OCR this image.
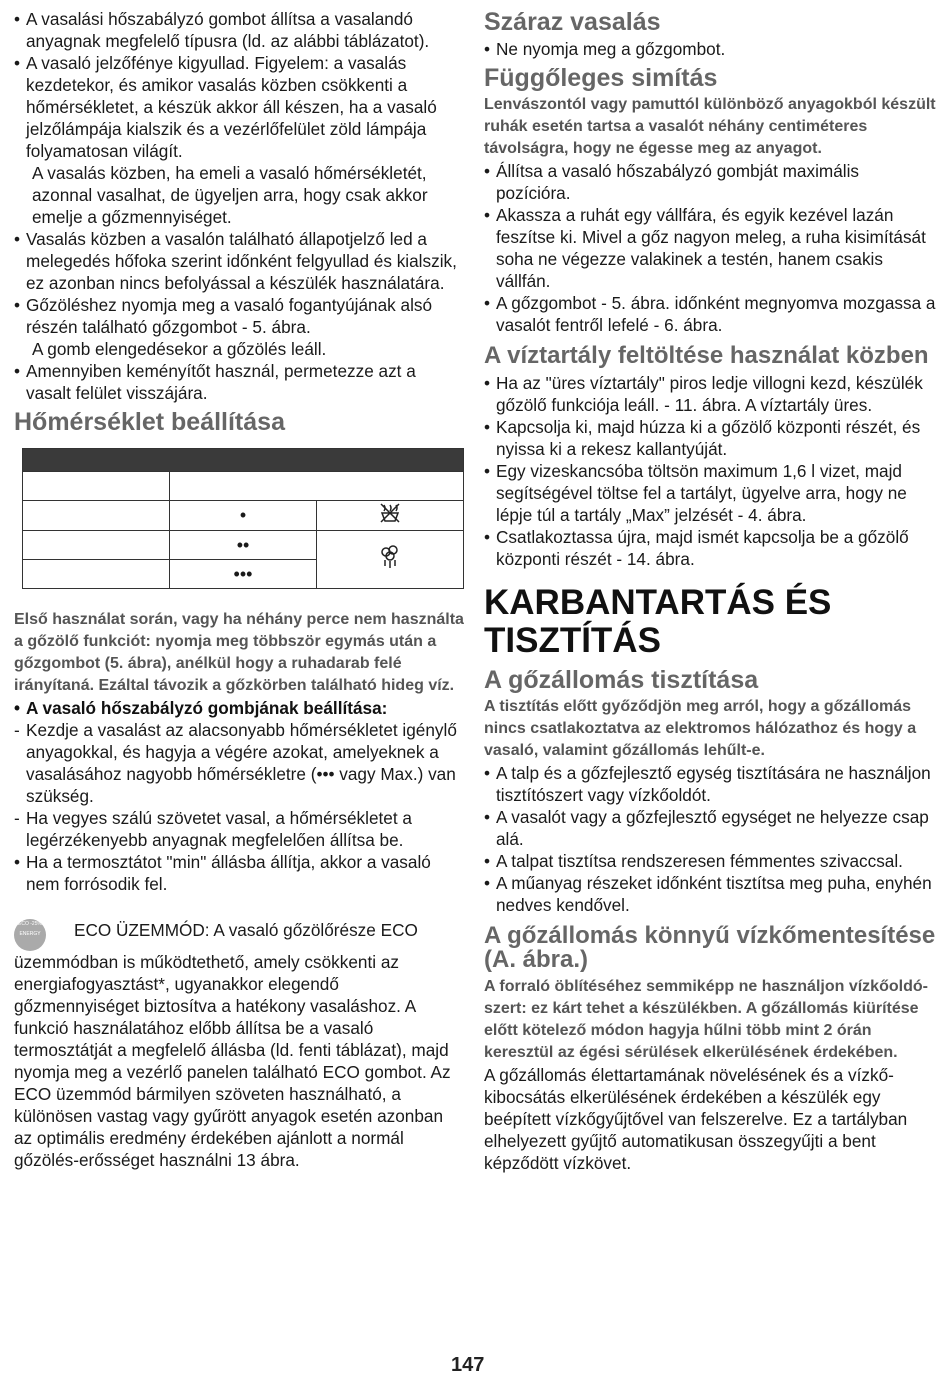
• A vasalási hőszabályzó gombot állítsa a vasalandó anyagnak megfelelő típusra (ld. az alábbi táblázatot).
• A vasaló jelzőfénye kigyullad. Figyelem: a vasalás kezdetekor, és amikor vasalás közben csökkenti a hőmérsékletet, a készük akkor áll készen, ha a vasaló jelzőlámpája kialszik és a vezérlőfelület zöld lámpája folyamatosan világít.

A vasalás közben, ha emeli a vasaló hőmérsékletét, azonnal vasalhat, de ügyeljen arra, hogy csak akkor emelje a gőzmennyiséget.

• Vasalás közben a vasalón található állapotjelző led a melegedés hőfoka szerint időnként felgyullad és kialszik, ez azonban nincs befolyással a készülék használatára.
• Gőzöléshez nyomja meg a vasaló fogantyújának alsó részén található gőzgombot - 5. ábra.

A gomb elengedésekor a gőzölés leáll.

• Amennyiben keményítőt használ, permetezze azt a vasalt felület visszájára.
Hőmérséklet beállítása

	•	
	••	
	•••	

Első használat során, vagy ha néhány perce nem használta a gőzölő funkciót: nyomja meg többször egymás után a gőzgombot (5. ábra), anélkül hogy a ruhadarab felé irányítaná. Ezáltal távozik a gőzkörben található hideg víz.

• A vasaló hőszabályzó gombjának beállítása:
- Kezdje a vasalást az alacsonyabb hőmérsékletet igénylő anyagokkal, és hagyja a végére azokat, amelyeknek a vasalásához nagyobb hőmérsékletre (••• vagy Max.) van szükség.
- Ha vegyes szálú szövetet vasal, a hőmérsékletet a legérzékenyebb anyagnak megfelelően állítsa be.
• Ha a termosztátot "min" állásba állítja, akkor a vasaló nem forrósodik fel.

ECO -25% ENERGY ECO ÜZEMMÓD: A vasaló gőzölőrésze ECO üzemmódban is működtethető, amely csökkenti az energiafogyasztást*, ugyanakkor elegendő gőzmennyiséget biztosítva a hatékony vasaláshoz. A funkció használatához előbb állítsa be a vasaló termosztátját a megfelelő állásba (ld. fenti táblázat), majd nyomja meg a vezérlő panelen található ECO gombot. Az ECO üzemmód bármilyen szöveten használható, a különösen vastag vagy gyűrött anyagok esetén azonban az optimális eredmény érdekében ajánlott a normál gőzölés-erősséget használni 13 ábra.

Száraz vasalás
• Ne nyomja meg a gőzgombot.
Függőleges simítás

Lenvászontól vagy pamuttól különböző anyagokból készült ruhák esetén tartsa a vasalót néhány centiméteres távolságra, hogy ne égesse meg az anyagot.

• Állítsa a vasaló hőszabályzó gombját maximális pozícióra.
• Akassza a ruhát egy vállfára, és egyik kezével lazán feszítse ki. Mivel a gőz nagyon meleg, a ruha kisimítását soha ne végezze valakinek a testén, hanem csakis vállfán.
• A gőzgombot - 5. ábra. időnként megnyomva mozgassa a vasalót fentről lefelé - 6. ábra.
A víztartály feltöltése használat közben
• Ha az "üres víztartály" piros ledje villogni kezd, készülék gőzölő funkciója leáll. - 11. ábra. A víztartály üres.
• Kapcsolja ki, majd húzza ki a gőzölő központi részét, és nyissa ki a rekesz kallantyúját.
• Egy vizeskancsóba töltsön maximum 1,6 l vizet, majd segítségével töltse fel a tartályt, ügyelve arra, hogy ne lépje túl a tartály „Max” jelzését - 4. ábra.
• Csatlakoztassa újra, majd ismét kapcsolja be a gőzölő központi részét - 14. ábra.
KARBANTARTÁS ÉS TISZTÍTÁS
A gőzállomás tisztítása

A tisztítás előtt győződjön meg arról, hogy a gőzállomás nincs csatlakoztatva az elektromos hálózathoz és hogy a vasaló, valamint gőzállomás lehűlt-e.

• A talp és a gőzfejlesztő egység tisztítására ne használjon tisztítószert vagy vízkőoldót.
• A vasalót vagy a gőzfejlesztő egységet ne helyezze csap alá.
• A talpat tisztítsa rendszeresen fémmentes szivaccsal.
• A műanyag részeket időnként tisztítsa meg puha, enyhén nedves kendővel.
A gőzállomás könnyű vízkőmentesítése (A. ábra.)

A forraló öblítéséhez semmiképp ne használjon vízkőoldó- szert: ez kárt tehet a készülékben. A gőzállomás kiürítése előtt kötelező módon hagyja hűlni több mint 2 órán keresztül az égési sérülések elkerülésének érdekében.

A gőzállomás élettartamának növelésének és a vízkő-kibocsátás elkerülésének érdekében a készülék egy beépített vízkőgyűjtővel van felszerelve. Ez a tartályban elhelyezett gyűjtő automatikusan összegyűjti a bent képződött vízkövet.

147
